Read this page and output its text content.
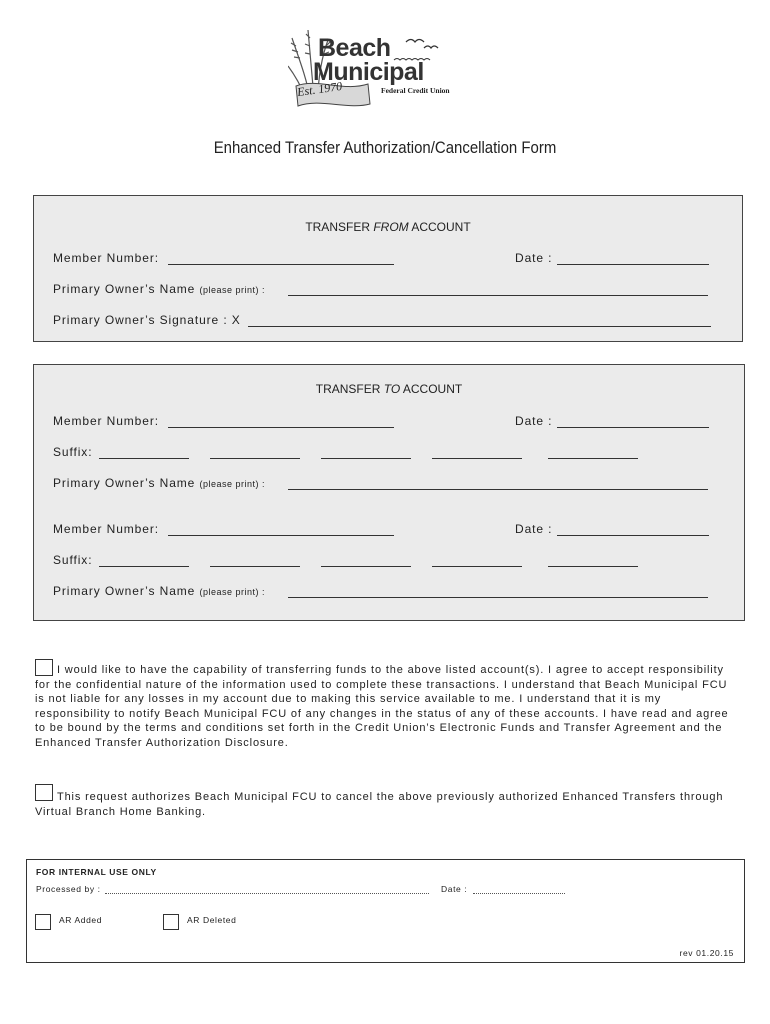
Beach
Municipal
Federal Credit Union
Est. 1970
Enhanced Transfer Authorization/Cancellation Form
TRANSFER FROM ACCOUNT
Member Number:	Date :
Primary Owner’s Name (please print) :
Primary Owner’s Signature : X
TRANSFER TO ACCOUNT
Member Number:	Date :
Suffix:
Primary Owner’s Name (please print) :
Member Number:	Date :
Suffix:
Primary Owner’s Name (please print) :
I would like to have the capability of transferring funds to the above listed account(s). I agree to accept responsibility for the confidential nature of the information used to complete these transactions. I understand that Beach Municipal FCU is not liable for any losses in my account due to making this service available to me. I understand that it is my responsibility to notify Beach Municipal FCU of any changes in the status of any of these accounts. I have read and agree to be bound by the terms and conditions set forth in the Credit Union’s Electronic Funds and Transfer Agreement and the Enhanced Transfer Authorization Disclosure.
This request authorizes Beach Municipal FCU to cancel the above previously authorized Enhanced Transfers through Virtual Branch Home Banking.
FOR INTERNAL USE ONLY
Processed by :	Date :
AR Added	AR Deleted
rev 01.20.15
